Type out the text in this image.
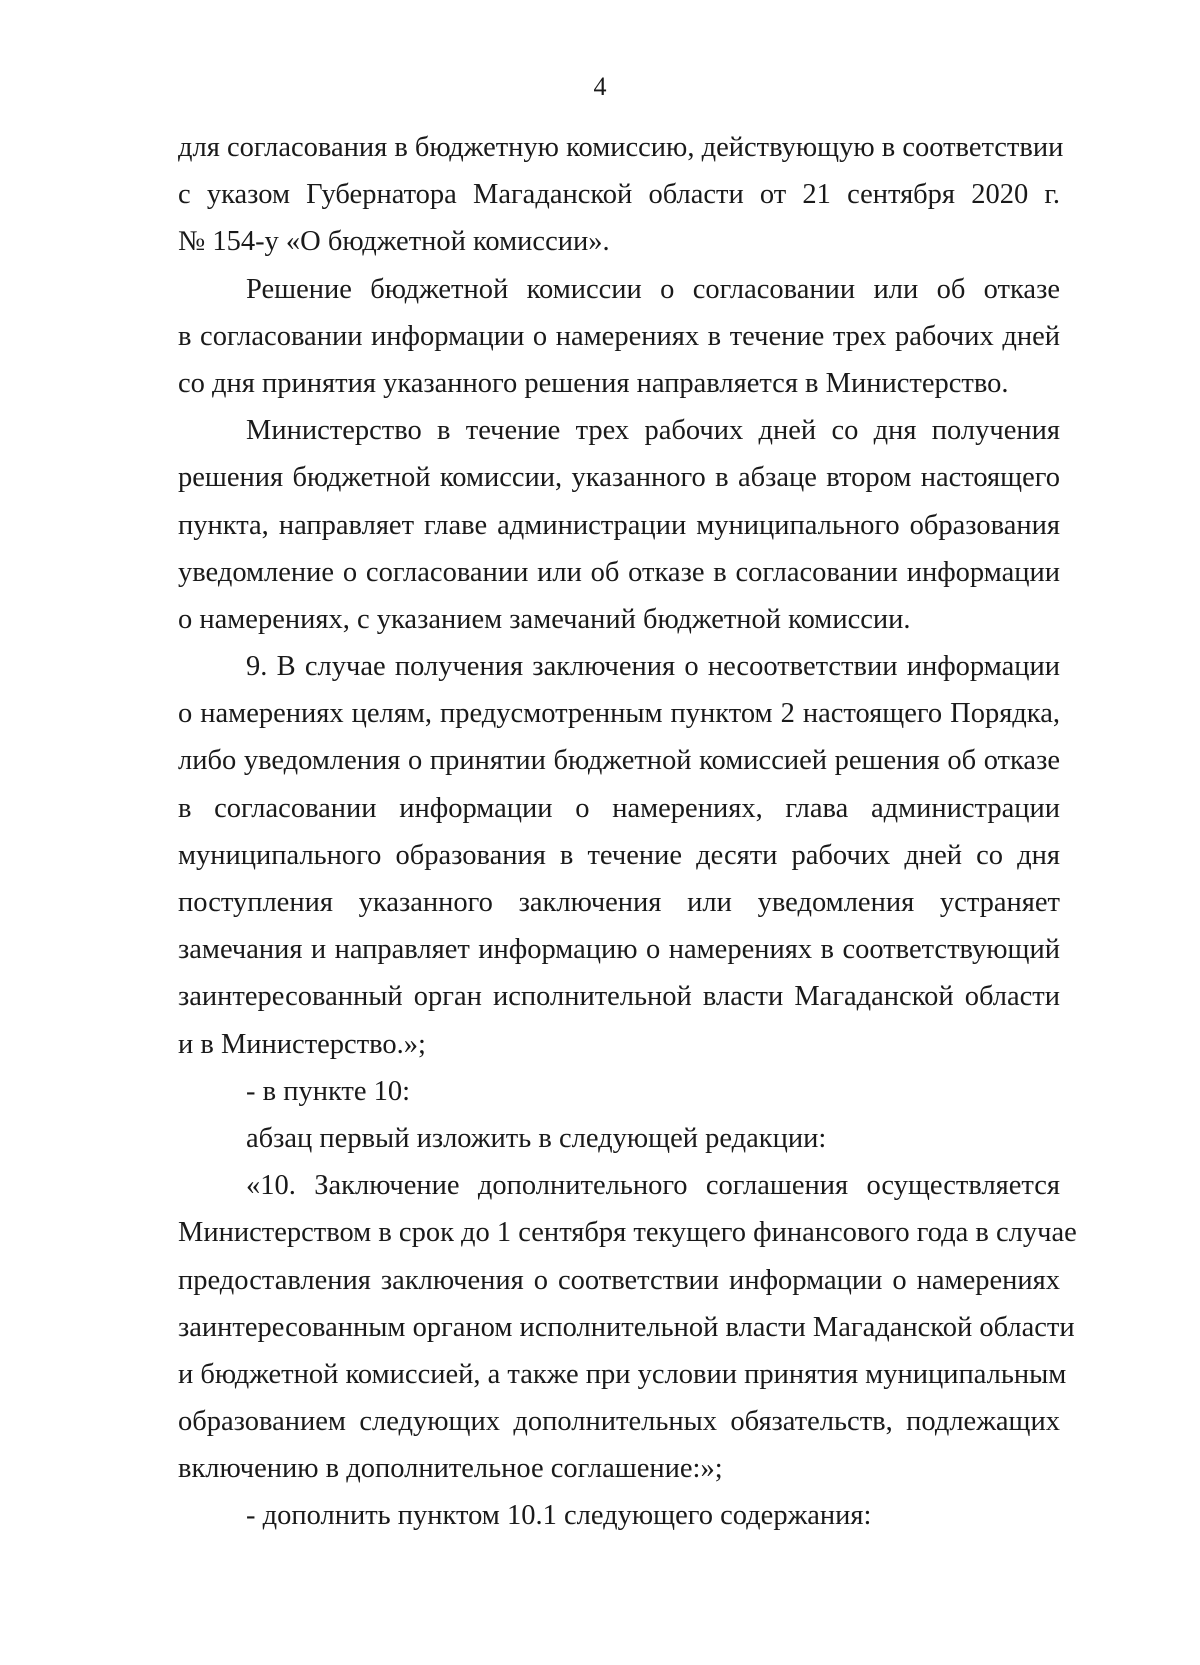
4
для согласования в бюджетную комиссию, действующую в соответствии
с указом Губернатора Магаданской области от 21 сентября 2020 г.
№ 154-у «О бюджетной комиссии».
Решение бюджетной комиссии о согласовании или об отказе
в согласовании информации о намерениях в течение трех рабочих дней
со дня принятия указанного решения направляется в Министерство.
Министерство в течение трех рабочих дней со дня получения
решения бюджетной комиссии, указанного в абзаце втором настоящего
пункта, направляет главе администрации муниципального образования
уведомление о согласовании или об отказе в согласовании информации
о намерениях, с указанием замечаний бюджетной комиссии.
9. В случае получения заключения о несоответствии информации
о намерениях целям, предусмотренным пунктом 2 настоящего Порядка,
либо уведомления о принятии бюджетной комиссией решения об отказе
в согласовании информации о намерениях, глава администрации
муниципального образования в течение десяти рабочих дней со дня
поступления указанного заключения или уведомления устраняет
замечания и направляет информацию о намерениях в соответствующий
заинтересованный орган исполнительной власти Магаданской области
и в Министерство.»;
- в пункте 10:
абзац первый изложить в следующей редакции:
«10. Заключение дополнительного соглашения осуществляется
Министерством в срок до 1 сентября текущего финансового года в случае
предоставления заключения о соответствии информации о намерениях
заинтересованным органом исполнительной власти Магаданской области
и бюджетной комиссией, а также при условии принятия муниципальным
образованием следующих дополнительных обязательств, подлежащих
включению в дополнительное соглашение:»;
- дополнить пунктом 10.1 следующего содержания:
